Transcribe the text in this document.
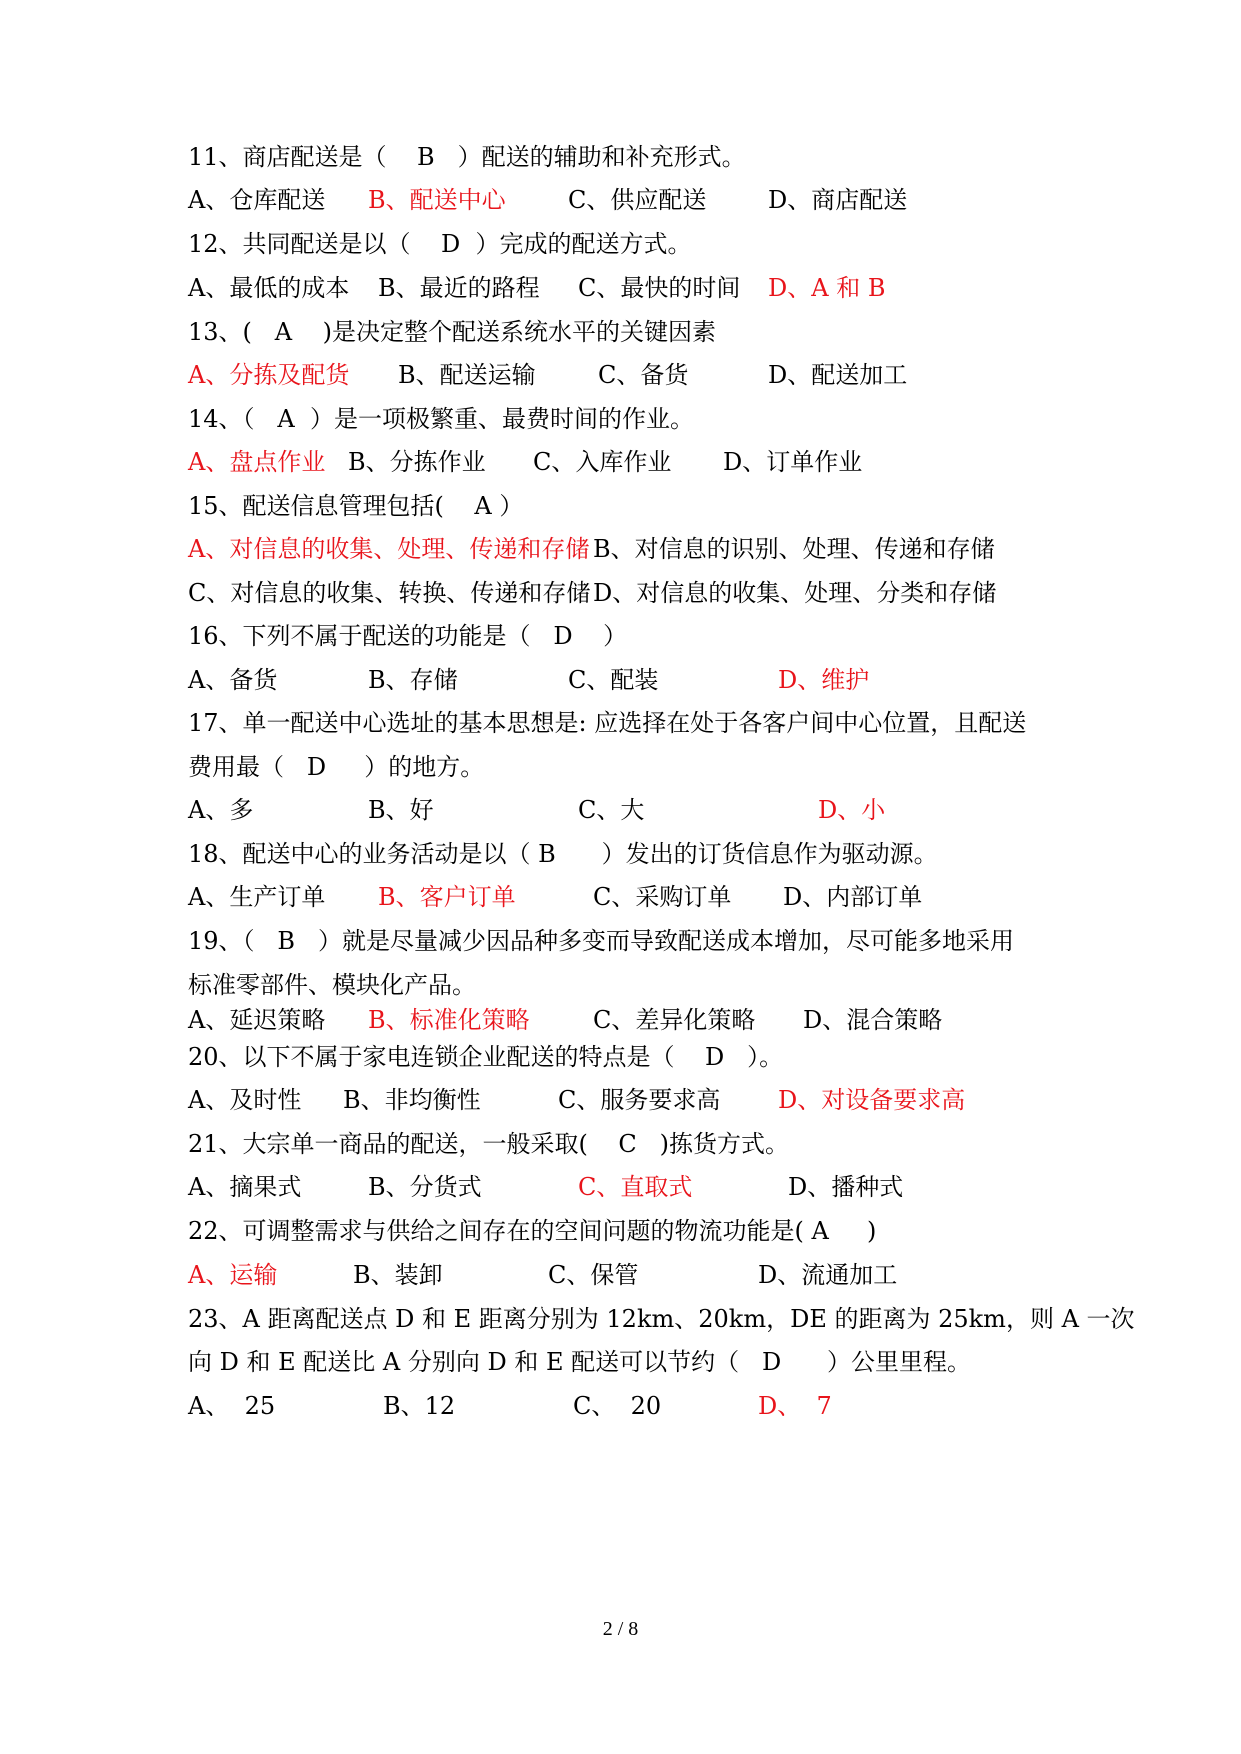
11、商店配送是（    B   ）配送的辅助和补充形式。
A、仓库配送 B、配送中心	C、供应配送	D、商店配送
12、共同配送是以（    D  ）完成的配送方式。
A、最低的成本 B、最近的路程 C、最快的时间 D、A 和 B
13、(   A    )是决定整个配送系统水平的关键因素
A、分拣及配货 B、配送运输	C、备货	D、配送加工
14、（   A  ）是一项极繁重、最费时间的作业。
A、盘点作业 B、分拣作业 C、入库作业 D、订单作业
15、配送信息管理包括(    A ）
A、对信息的收集、处理、传递和存储 B、对信息的识别、处理、传递和存储
C、对信息的收集、转换、传递和存储 D、对信息的收集、处理、分类和存储
16、下列不属于配送的功能是（   D    ）
A、备货	B、存储	C、配装	D、维护
17、单一配送中心选址的基本思想是: 应选择在处于各客户间中心位置，且配送
费用最（   D     ）的地方。
A、多	B、好	C、大	D、小
18、配送中心的业务活动是以（ B      ）发出的订货信息作为驱动源。
A、生产订单 B、客户订单	C、采购订单 D、内部订单
19、（   B   ）就是尽量减少因品种多变而导致配送成本增加，尽可能多地采用
标准零部件、模块化产品。
A、延迟策略 B、标准化策略	C、差异化策略 D、混合策略
20、以下不属于家电连锁企业配送的特点是（    D   ）。
A、及时性 B、非均衡性	C、服务要求高 D、对设备要求高
21、大宗单一商品的配送，一般采取(    C   )拣货方式。
A、摘果式	B、分货式	C、直取式	D、播种式
22、可调整需求与供给之间存在的空间问题的物流功能是( A     )
A、运输	B、装卸	C、保管	D、流通加工
23、A 距离配送点 D 和 E 距离分别为 12km、20km，DE 的距离为 25km，则 A 一次
向 D 和 E 配送比 A 分别向 D 和 E 配送可以节约（   D      ）公里里程。
A、  25	B、12	C、  20	D、  7
2 / 8
